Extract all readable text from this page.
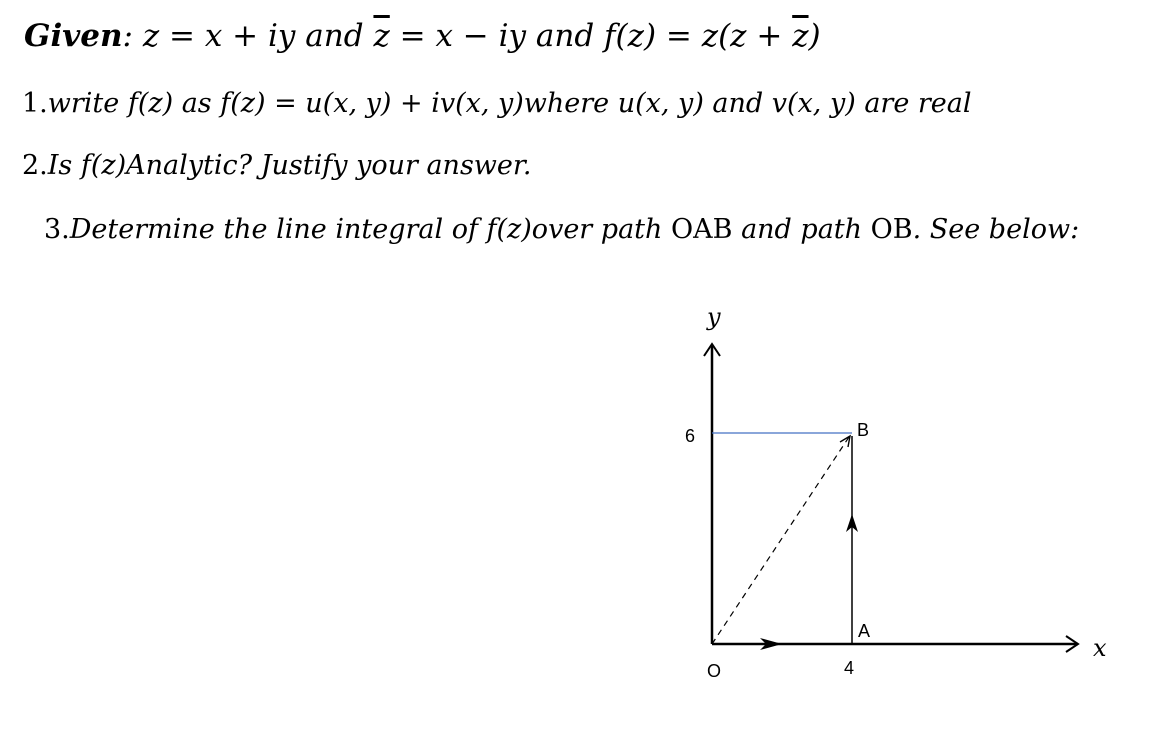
Given: z = x + iy and $\overline{z} = x$ − iy and $f(z) = z(z + \overline{z})$
1.write f(z) as f(z) = u(x, y) + iv(x, y)where u(x, y) and v(x, y) are real
2.Is f(z)Analytic? Justify your answer.
3.Determine the line integral of f(z)over path OAB and path OB. See below:
y
x
6
4
O
A
B
